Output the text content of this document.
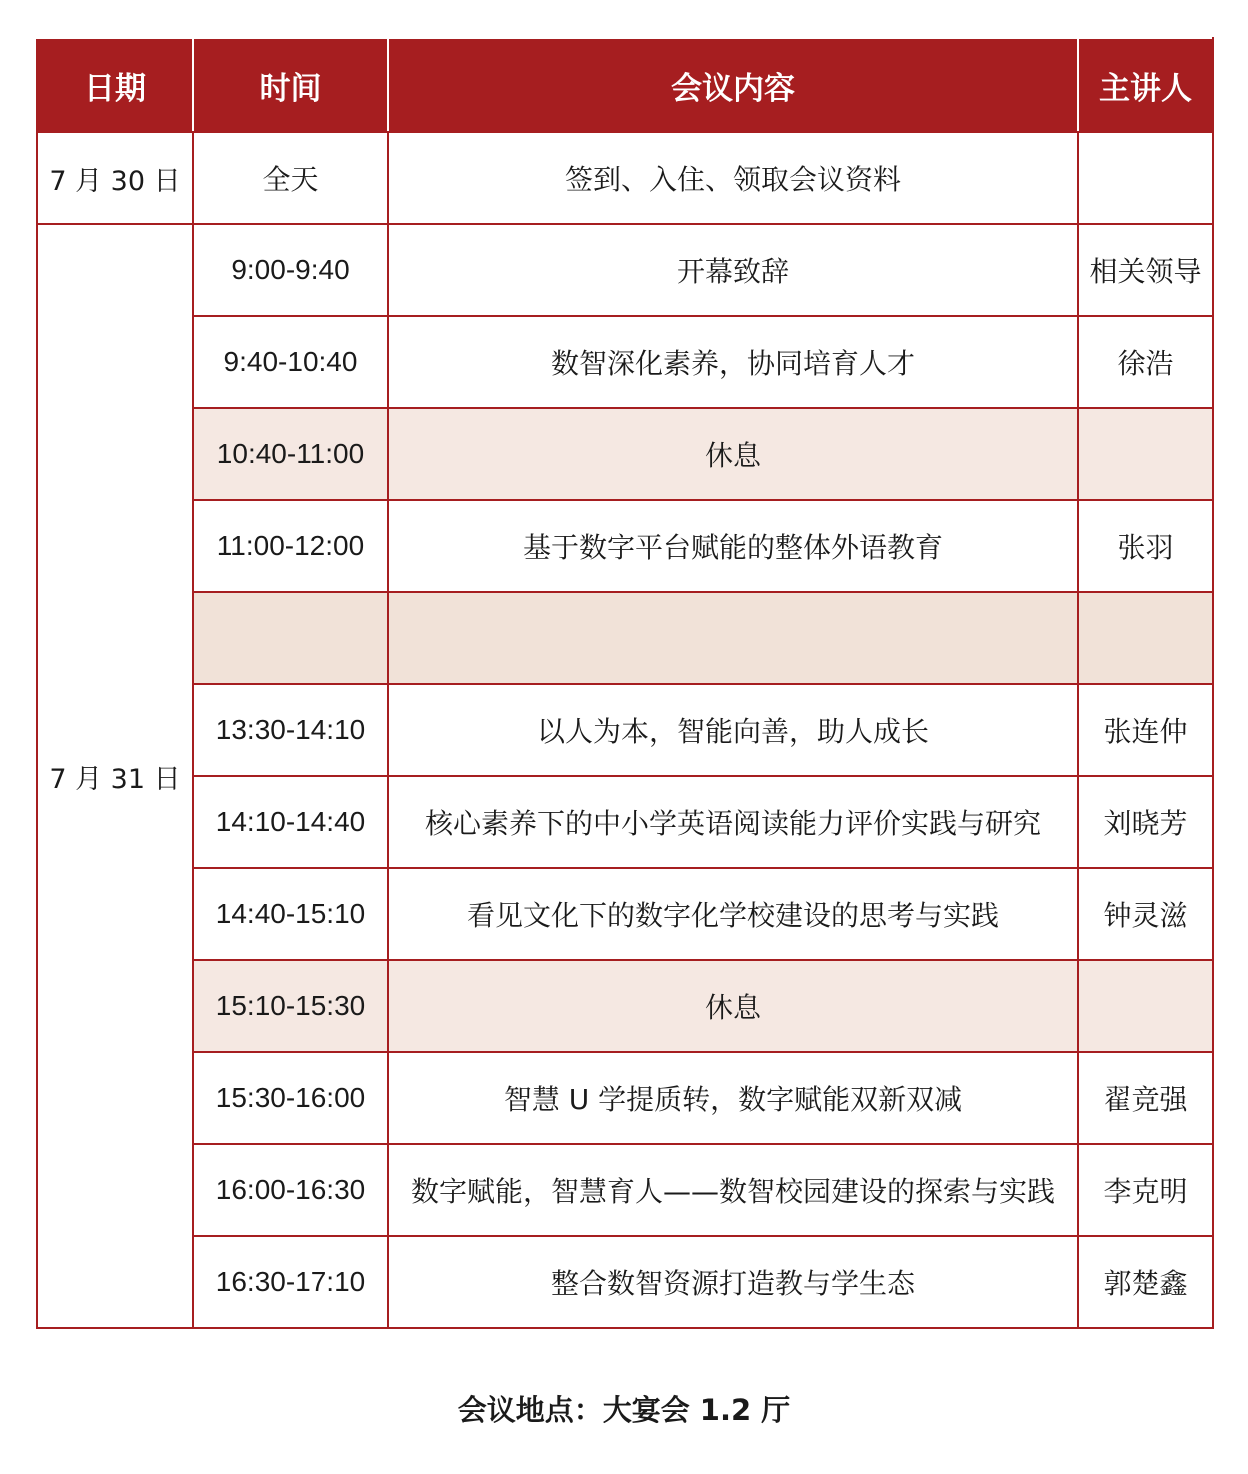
日期	时间	会议内容	主讲人
7 月 30 日	全天	签到、入住、领取会议资料	
7 月 31 日	9:00-9:40	开幕致辞	相关领导
	9:40-10:40	数智深化素养，协同培育人才	徐浩
	10:40-11:00	休息	
	11:00-12:00	基于数字平台赋能的整体外语教育	张羽

	13:30-14:10	以人为本，智能向善，助人成长	张连仲
	14:10-14:40	核心素养下的中小学英语阅读能力评价实践与研究	刘晓芳
	14:40-15:10	看见文化下的数字化学校建设的思考与实践	钟灵滋
	15:10-15:30	休息	
	15:30-16:00	智慧 U 学提质转，数字赋能双新双减	翟竞强
	16:00-16:30	数字赋能，智慧育人——数智校园建设的探索与实践	李克明
	16:30-17:10	整合数智资源打造教与学生态	郭楚鑫
会议地点：大宴会 1.2 厅
